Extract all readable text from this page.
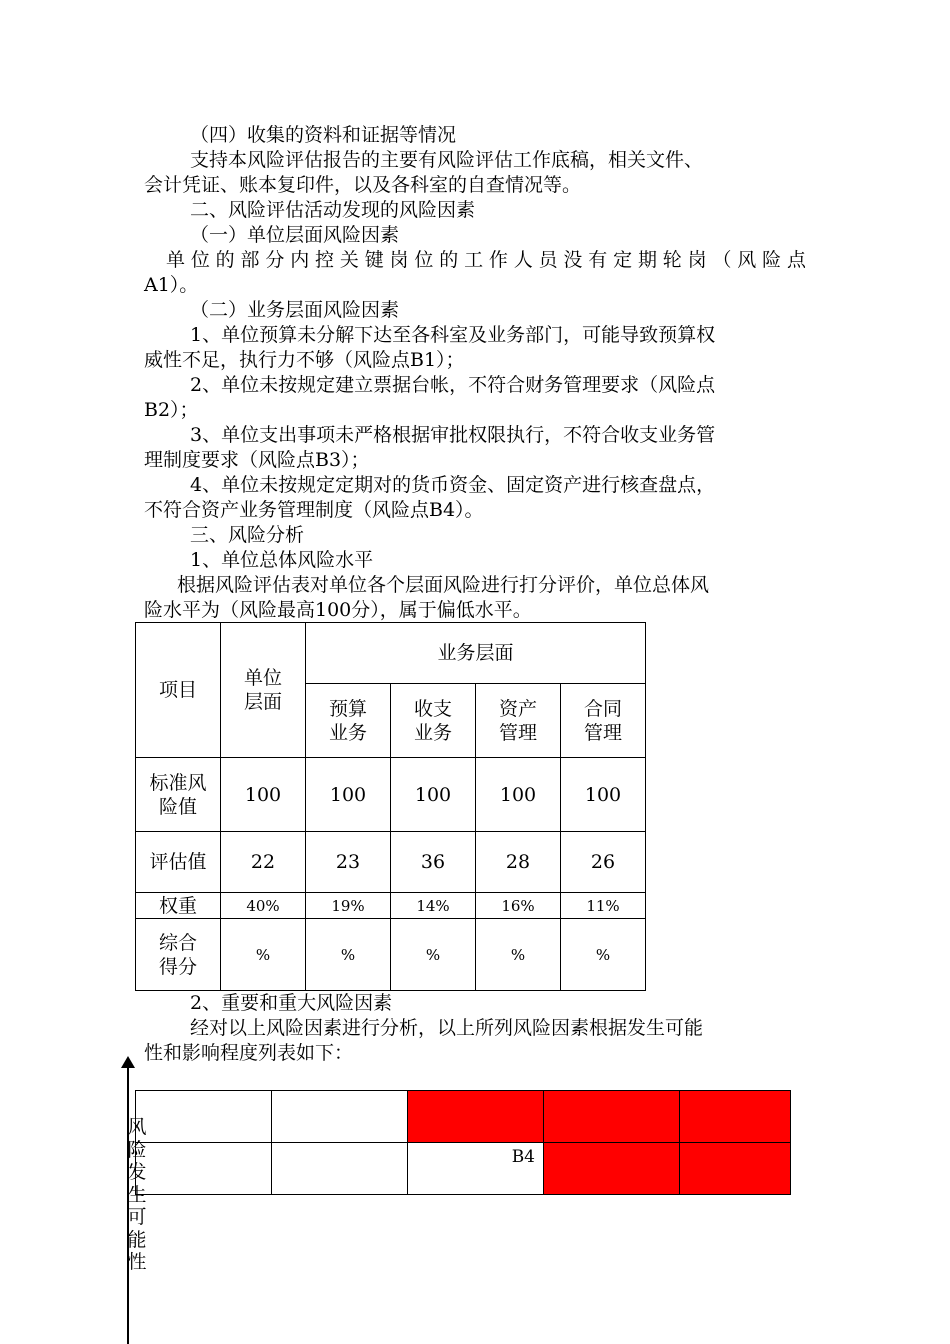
（四）收集的资料和证据等情况

支持本风险评估报告的主要有风险评估工作底稿，相关文件、

会计凭证、账本复印件，以及各科室的自查情况等。

二、风险评估活动发现的风险因素

（一）单位层面风险因素

单位的部分内控关键岗位的工作人员没有定期轮岗（风险点

A1）。

（二）业务层面风险因素

1、单位预算未分解下达至各科室及业务部门，可能导致预算权

威性不足，执行力不够（风险点B1）；

2、单位未按规定建立票据台帐，不符合财务管理要求（风险点

B2）；

3、单位支出事项未严格根据审批权限执行，不符合收支业务管

理制度要求（风险点B3）；

4、单位未按规定定期对的货币资金、固定资产进行核查盘点，

不符合资产业务管理制度（风险点B4）。

三、风险分析

1、单位总体风险水平

根据风险评估表对单位各个层面风险进行打分评价，单位总体风

险水平为（风险最高100分），属于偏低水平。

项目	单位层面	业务层面			

		预算业务	收支业务	资产管理	合同管理

标准风险值	100	100	100	100	100
评估值	22	23	36	28	26
权重	40%	19%	14%	16%	11%

综合得分	%	%	%	%	%

2、重要和重大风险因素

经对以上风险因素进行分析，以上所列风险因素根据发生可能

性和影响程度列表如下：

		B4		
风险发生可能性
